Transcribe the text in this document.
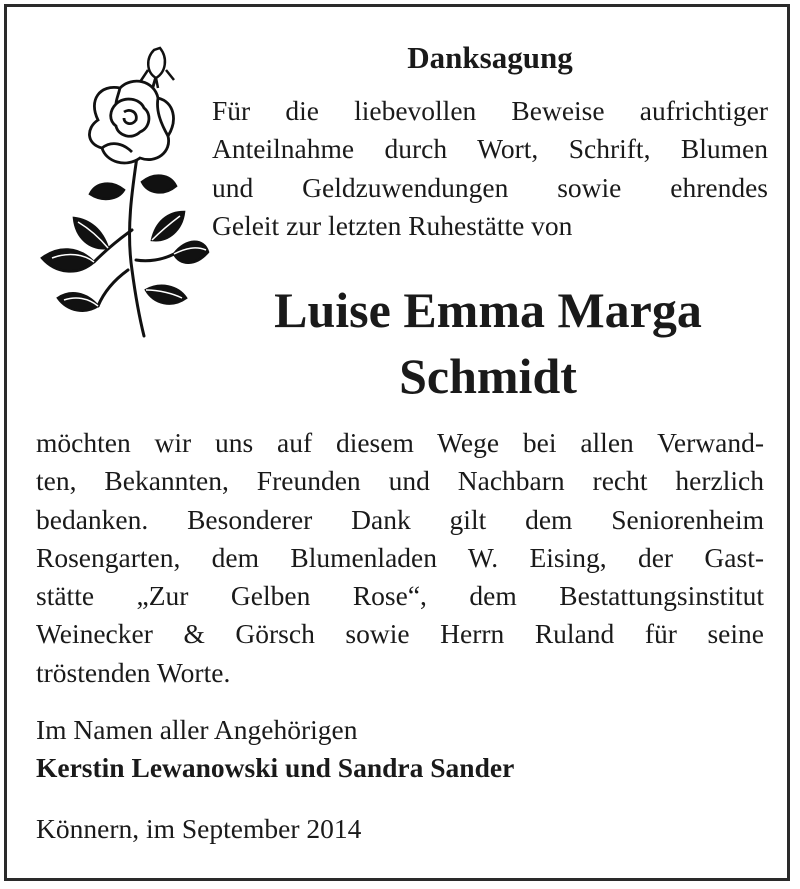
Danksagung

Für die liebevollen Beweise aufrichtiger
Anteilnahme durch Wort, Schrift, Blumen
und Geldzuwendungen sowie ehrendes
Geleit zur letzten Ruhestätte von

Luise Emma Marga
Schmidt

möchten wir uns auf diesem Wege bei allen Verwand-
ten, Bekannten, Freunden und Nachbarn recht herzlich
bedanken. Besonderer Dank gilt dem Seniorenheim
Rosengarten, dem Blumenladen W. Eising, der Gast-
stätte „Zur Gelben Rose“, dem Bestattungsinstitut
Weinecker & Görsch sowie Herrn Ruland für seine
tröstenden Worte.

Im Namen aller Angehörigen
Kerstin Lewanowski und Sandra Sander

Könnern, im September 2014
